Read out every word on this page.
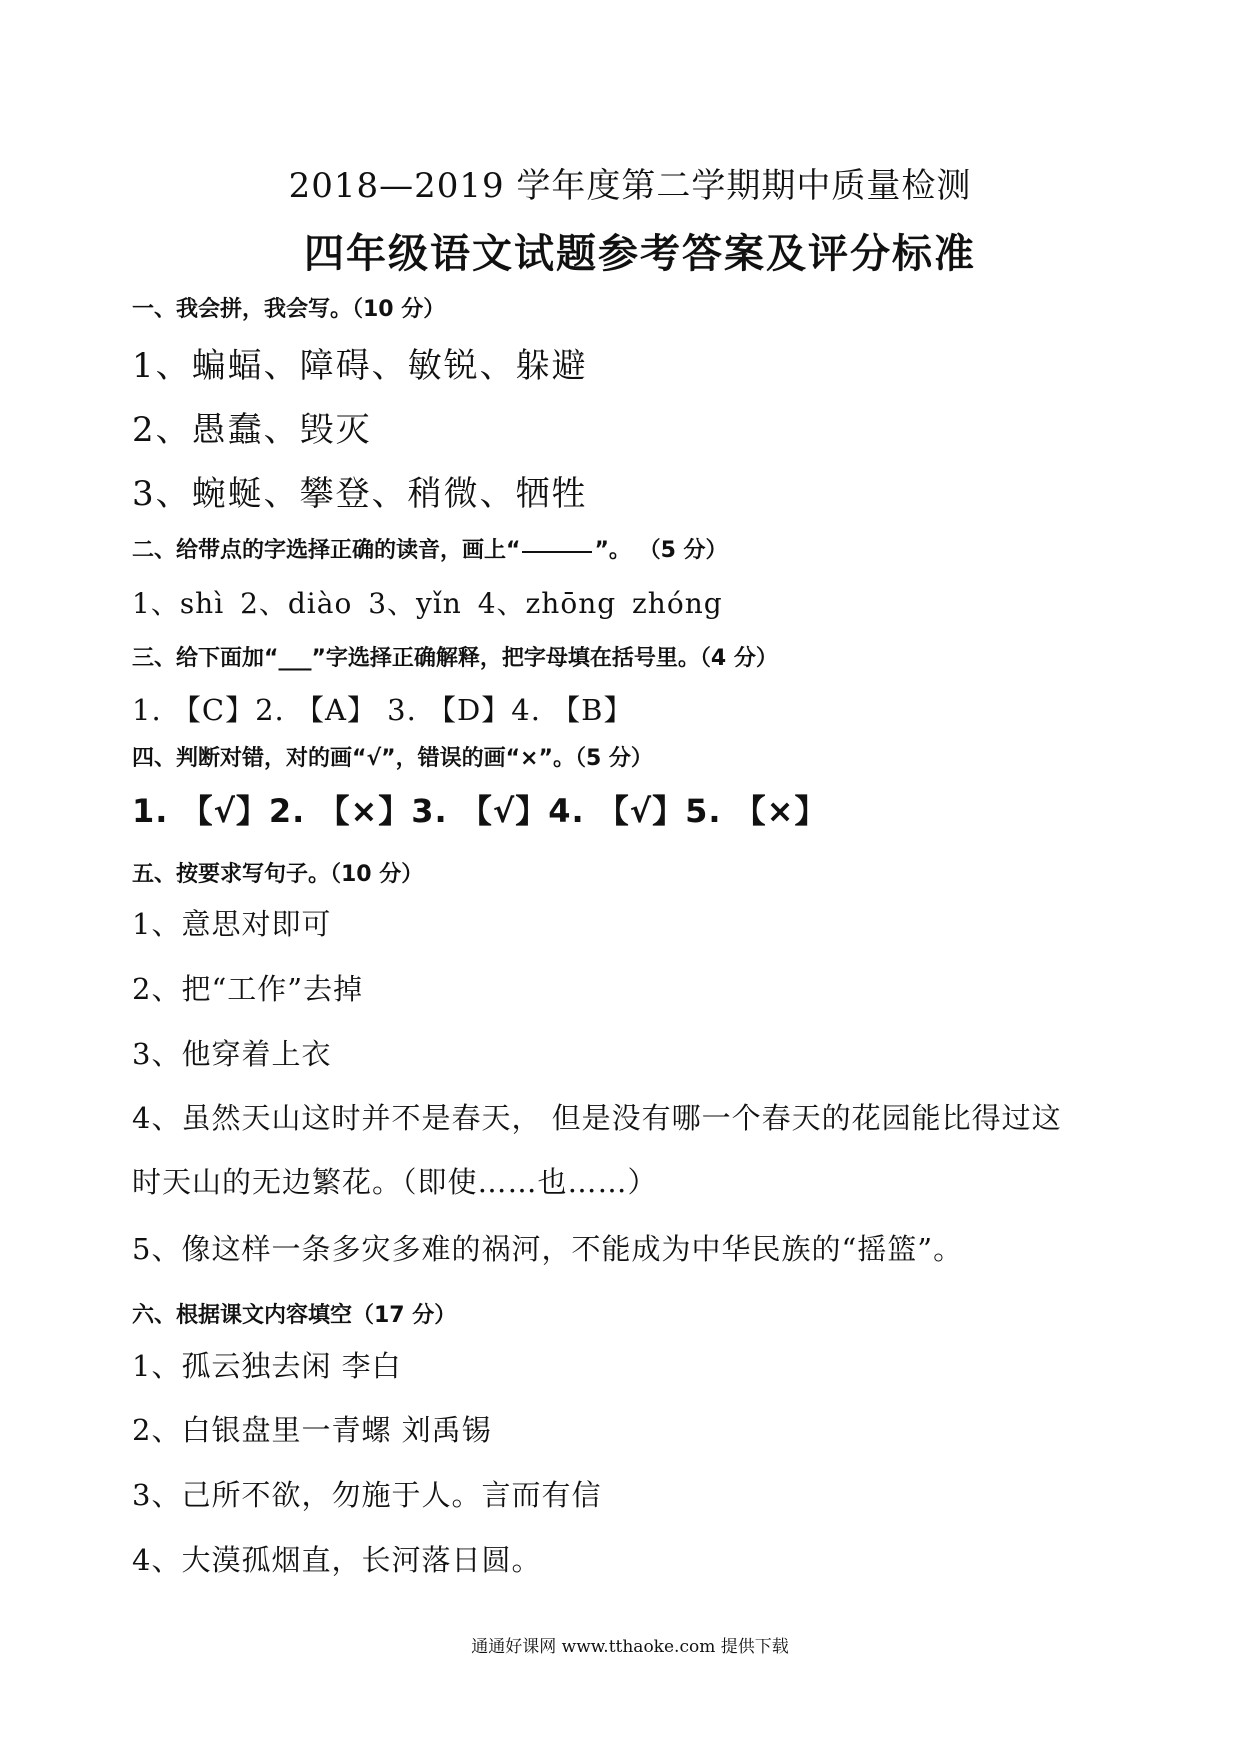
2018—2019 学年度第二学期期中质量检测
四年级语文试题参考答案及评分标准
一、我会拼，我会写。（10 分）
1、蝙蝠、障碍、敏锐、躲避
2、愚蠢、毁灭
3、蜿蜒、攀登、稍微、牺牲
二、给带点的字选择正确的读音，画上“	”。 （5 分）
1、shì 2、diào 3、yǐn 4、zhōng zhóng
三、给下面加“___”字选择正确解释，把字母填在括号里。（4 分）
1. 【C】2. 【A】 3. 【D】4. 【B】
四、判断对错，对的画“√”，错误的画“×”。（5 分）
1. 【√】2. 【×】3. 【√】4. 【√】5. 【×】
五、按要求写句子。（10 分）
1、意思对即可
2、把“工作”去掉
3、他穿着上衣
4、虽然天山这时并不是春天， 但是没有哪一个春天的花园能比得过这
时天山的无边繁花。（即使……也……）
5、像这样一条多灾多难的祸河，不能成为中华民族的“摇篮”。
六、根据课文内容填空（17 分）
1、孤云独去闲 李白
2、白银盘里一青螺 刘禹锡
3、己所不欲，勿施于人。言而有信
4、大漠孤烟直，长河落日圆。
通通好课网 www.tthaoke.com 提供下载
